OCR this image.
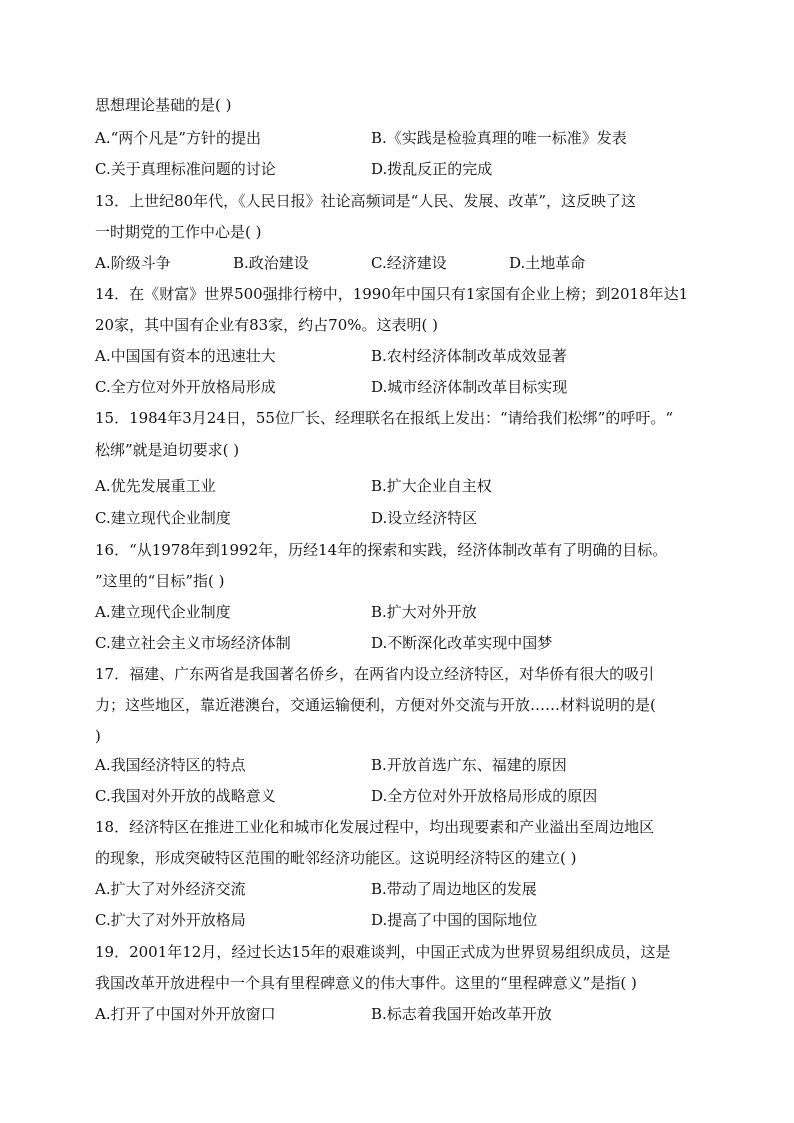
思想理论基础的是( )
A.“两个凡是”方针的提出	B.《实践是检验真理的唯一标准》发表
C.关于真理标准问题的讨论	D.拨乱反正的完成
13．上世纪80年代，《人民日报》社论高频词是“人民、发展、改革”，这反映了这
一时期党的工作中心是( )
A.阶级斗争	B.政治建设	C.经济建设	D.土地革命
14．在《财富》世界500强排行榜中，1990年中国只有1家国有企业上榜；到2018年达1
20家，其中国有企业有83家，约占70%。这表明( )
A.中国国有资本的迅速壮大	B.农村经济体制改革成效显著
C.全方位对外开放格局形成	D.城市经济体制改革目标实现
15．1984年3月24日，55位厂长、经理联名在报纸上发出：“请给我们松绑”的呼吁。“
松绑”就是迫切要求( )
A.优先发展重工业	B.扩大企业自主权
C.建立现代企业制度	D.设立经济特区
16．“从1978年到1992年，历经14年的探索和实践，经济体制改革有了明确的目标。
”这里的“目标”指( )
A.建立现代企业制度	B.扩大对外开放
C.建立社会主义市场经济体制	D.不断深化改革实现中国梦
17．福建、广东两省是我国著名侨乡，在两省内设立经济特区，对华侨有很大的吸引
力；这些地区，靠近港澳台，交通运输便利，方便对外交流与开放……材料说明的是(
)
A.我国经济特区的特点	B.开放首选广东、福建的原因
C.我国对外开放的战略意义	D.全方位对外开放格局形成的原因
18．经济特区在推进工业化和城市化发展过程中，均出现要素和产业溢出至周边地区
的现象，形成突破特区范围的毗邻经济功能区。这说明经济特区的建立( )
A.扩大了对外经济交流	B.带动了周边地区的发展
C.扩大了对外开放格局	D.提高了中国的国际地位
19．2001年12月，经过长达15年的艰难谈判，中国正式成为世界贸易组织成员，这是
我国改革开放进程中一个具有里程碑意义的伟大事件。这里的“里程碑意义”是指( )
A.打开了中国对外开放窗口	B.标志着我国开始改革开放
